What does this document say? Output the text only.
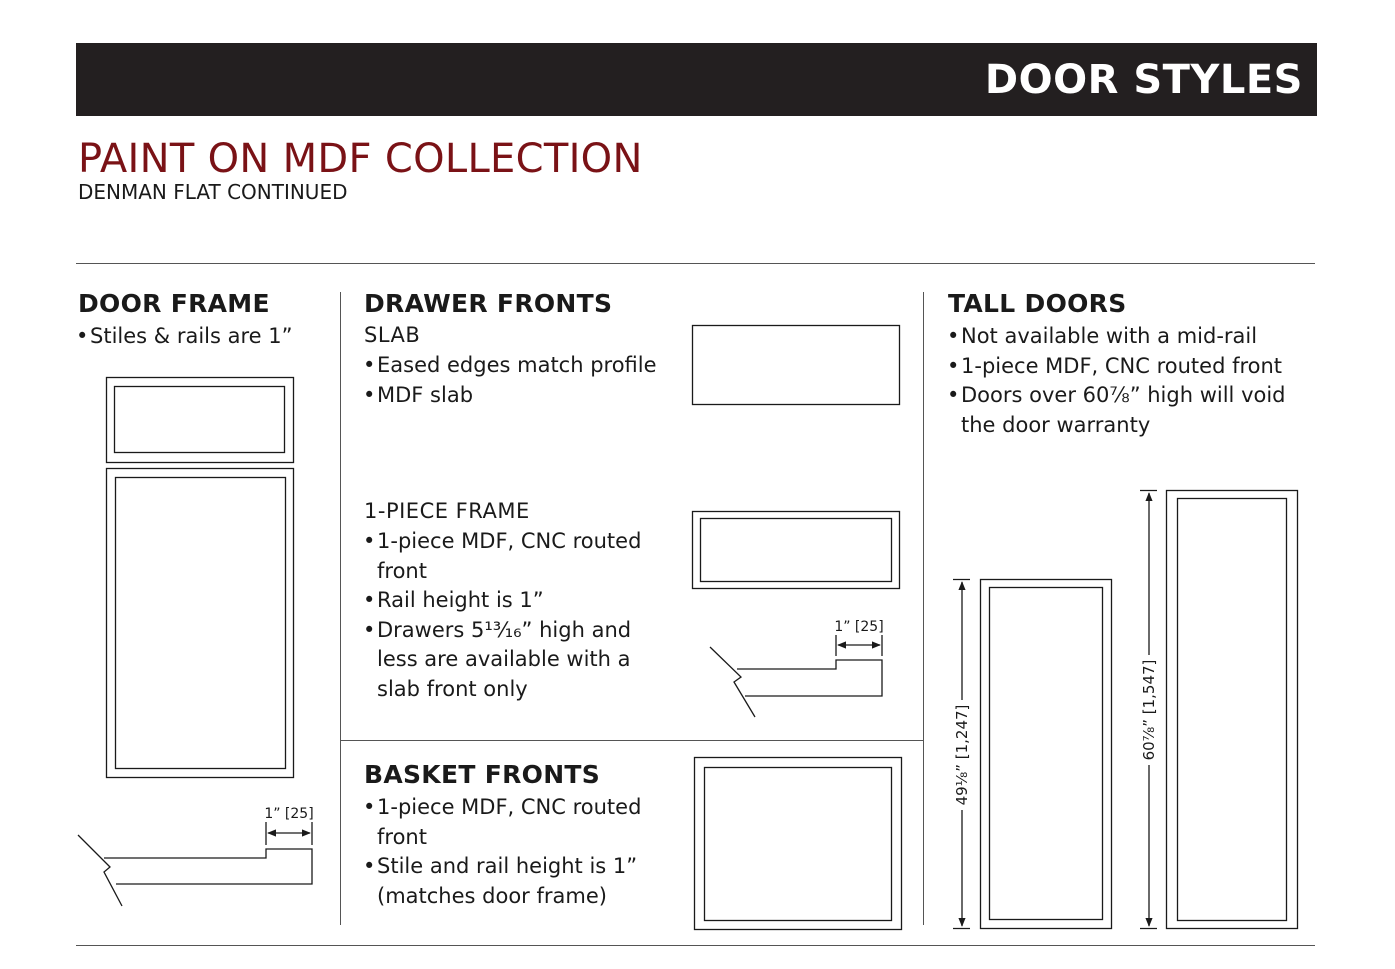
DOOR STYLES
PAINT ON MDF COLLECTION
DENMAN FLAT CONTINUED
DOOR FRAME
• Stiles & rails are 1”
DRAWER FRONTS
SLAB
• Eased edges match profile
• MDF slab
1-PIECE FRAME
• 1-piece MDF, CNC routed front
• Rail height is 1”
• Drawers 5¹³⁄₁₆” high and less are available with a slab front only
BASKET FRONTS
• 1-piece MDF, CNC routed front
• Stile and rail height is 1” (matches door frame)
TALL DOORS
• Not available with a mid-rail
• 1-piece MDF, CNC routed front
• Doors over 60⅞” high will void the door warranty
1” [25]
1” [25]
49⅛” [1,247]	60⅞” [1,547]
